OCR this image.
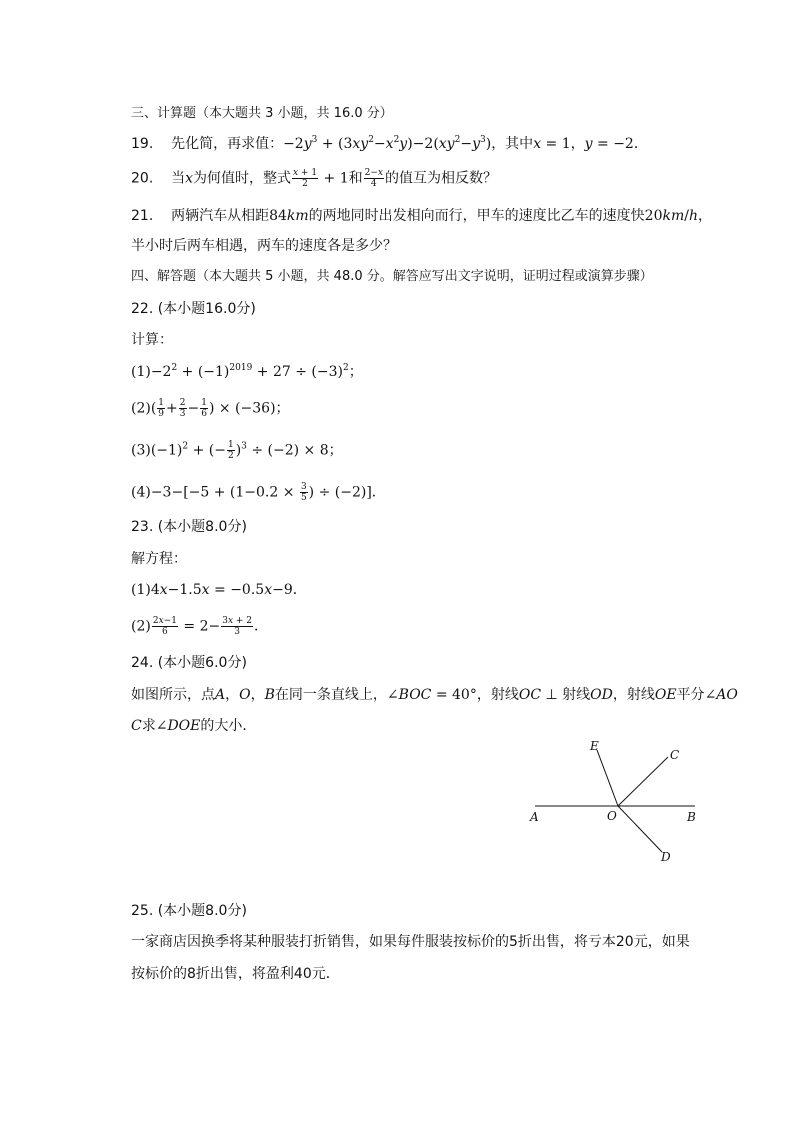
三、计算题（本大题共 3 小题，共 16.0 分）
19. 先化简，再求值：$-2y^3 + (3xy^2-x^2y)-2(xy^2-y^3)$，其中x = 1，y = −2．
20. 当x为何值时，整式 $\frac{x + 1}{2} + 1$和 $\frac{2-x}{4}$ 的值互为相反数？
21. 两辆汽车从相距84km的两地同时出发相向而行，甲车的速度比乙车的速度快20km/h，
半小时后两车相遇，两车的速度各是多少？
四、解答题（本大题共 5 小题，共 48.0 分。解答应写出文字说明，证明过程或演算步骤）
22. (本小题16.0分)
计算：
$(1)-2^2 + (-1)^{2019} + 27 \div (-3)^2$；
$(2)( \frac{1}{9} + \frac{2}{3} - \frac{1}{6}$ ) × (−36)；
$(3)(-1)^2$ + (− $\frac{1}{2} )^3 \div (-2) \times 8$；
$(4)-3-[-5 + (1-0.2 \times \frac{3}{5}$ ) ÷ (−2)]．
23. (本小题8.0分)
解方程：
(1)4x−1.5x = −0.5x−9．
$(2) \frac{2x-1}{6} = 2- \frac{3x + 2}{3}$ ．
24. (本小题6.0分)
如图所示，点A，O，B在同一条直线上，∠BOC = 40°，射线OC ⊥ 射线OD，射线OE平分∠AO
C求∠DOE的大小．
E
C
A	O	B
D
25. (本小题8.0分)
一家商店因换季将某种服装打折销售，如果每件服装按标价的5折出售，将亏本20元，如果
按标价的8折出售，将盈利40元．
